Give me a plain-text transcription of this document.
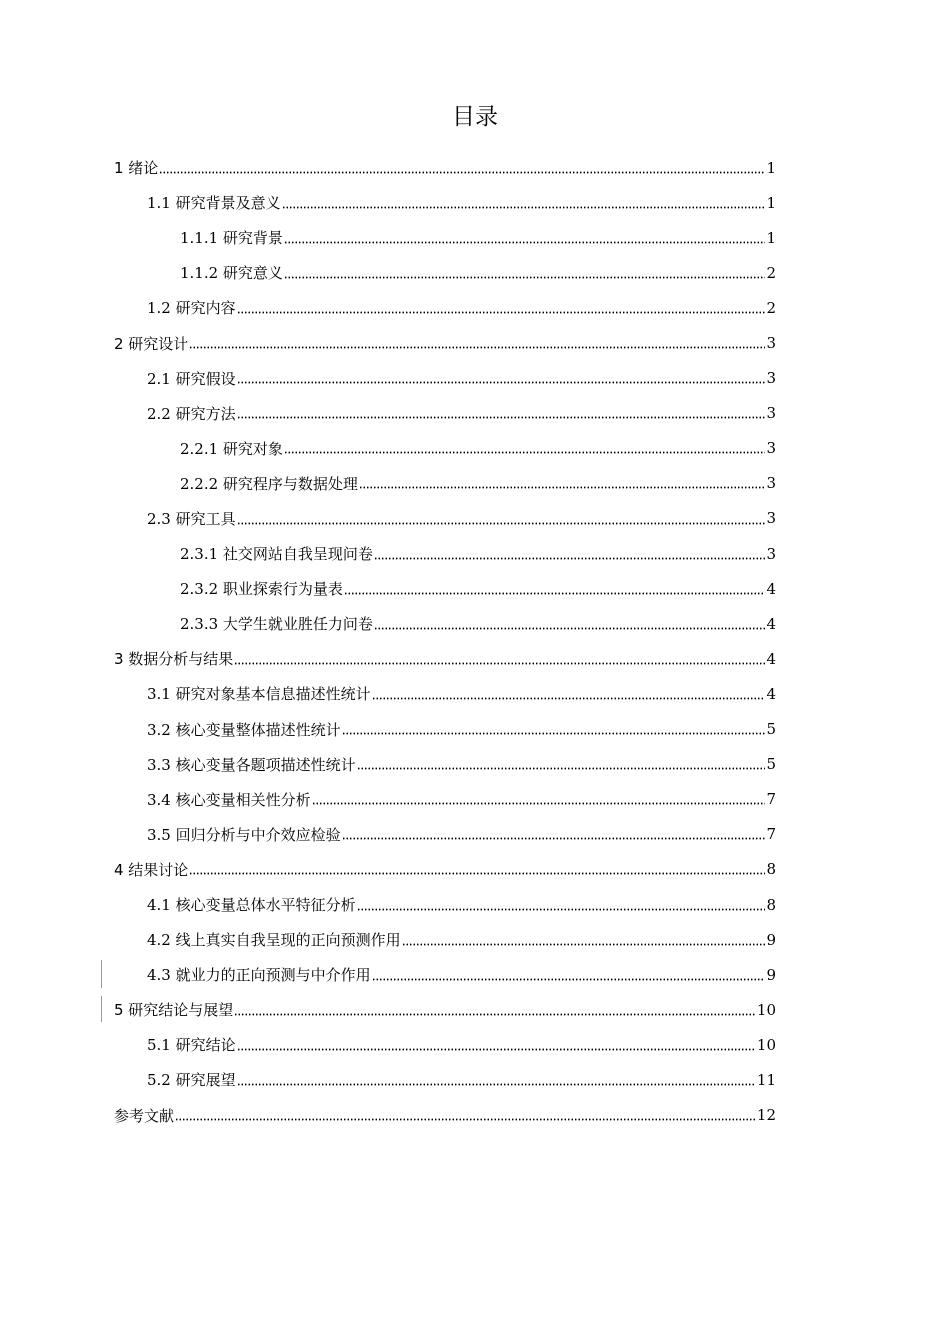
目录
1 绪论	1
1.1 研究背景及意义	1
1.1.1 研究背景	1
1.1.2 研究意义	2
1.2 研究内容	2
2 研究设计	3
2.1 研究假设	3
2.2 研究方法	3
2.2.1 研究对象	3
2.2.2 研究程序与数据处理	3
2.3 研究工具	3
2.3.1 社交网站自我呈现问卷	3
2.3.2 职业探索行为量表	4
2.3.3 大学生就业胜任力问卷	4
3 数据分析与结果	4
3.1 研究对象基本信息描述性统计	4
3.2 核心变量整体描述性统计	5
3.3 核心变量各题项描述性统计	5
3.4 核心变量相关性分析	7
3.5 回归分析与中介效应检验	7
4 结果讨论	8
4.1 核心变量总体水平特征分析	8
4.2 线上真实自我呈现的正向预测作用	9
4.3 就业力的正向预测与中介作用	9
5 研究结论与展望	10
5.1 研究结论	10
5.2 研究展望	11
参考文献	12
